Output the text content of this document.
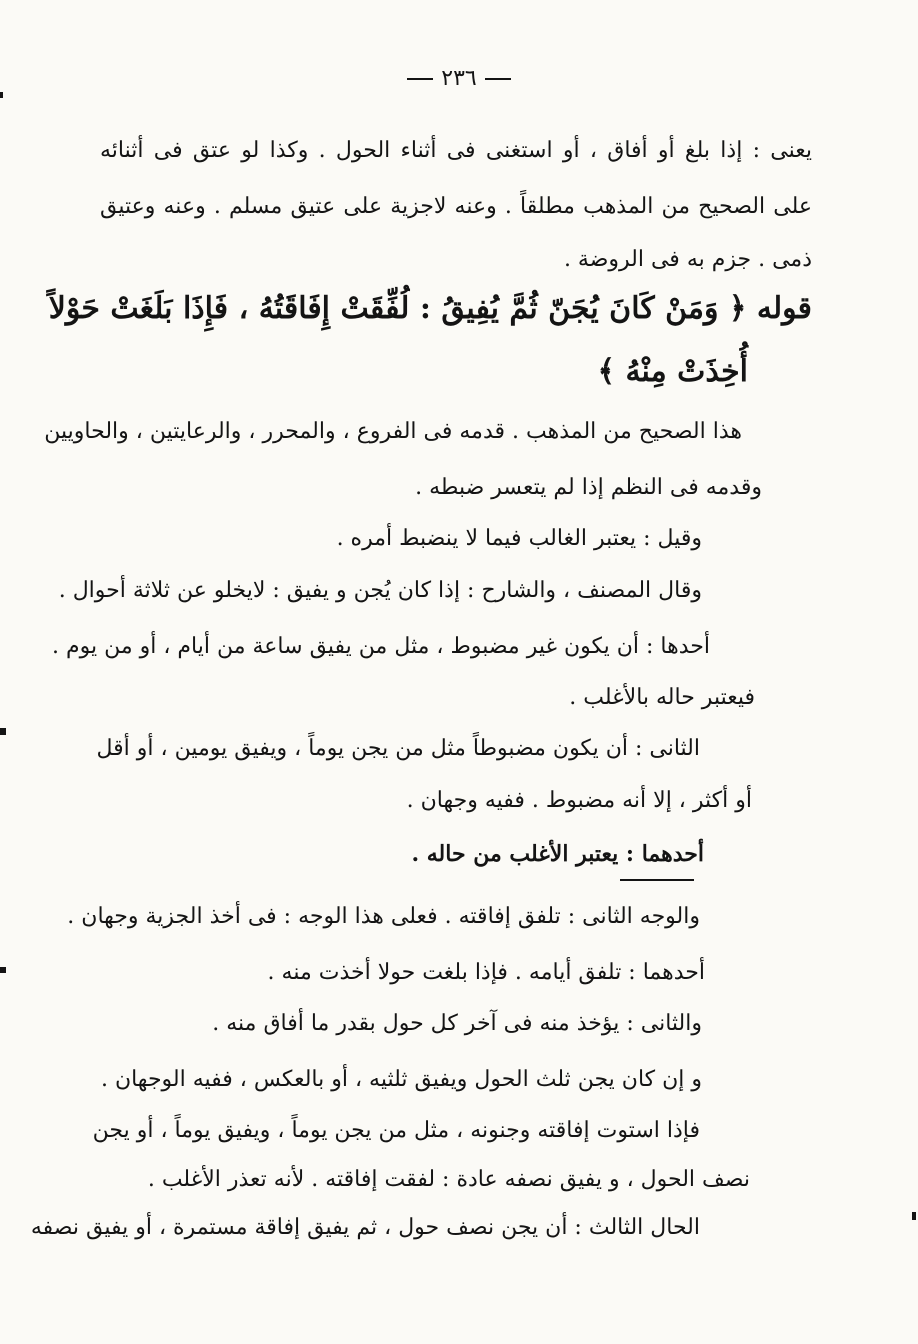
٢٣٦
يعنى : إذا بلغ أو أفاق ، أو استغنى فى أثناء الحول . وكذا لو عتق فى أثنائه
على الصحيح من المذهب مطلقاً . وعنه لاجزية على عتيق مسلم . وعنه وعتيق
ذمى . جزم به فى الروضة .
قوله ﴿ وَمَنْ كَانَ يُجَنّ ثُمَّ يُفِيقُ : لُفِّقَتْ إِفَاقَتُهُ ، فَإِذَا بَلَغَتْ حَوْلاً
أُخِذَتْ مِنْهُ ﴾
هذا الصحيح من المذهب . قدمه فى الفروع ، والمحرر ، والرعايتين ، والحاويين
وقدمه فى النظم إذا لم يتعسر ضبطه .
وقيل : يعتبر الغالب فيما لا ينضبط أمره .
وقال المصنف ، والشارح : إذا كان يُجن و يفيق : لايخلو عن ثلاثة أحوال .
أحدها : أن يكون غير مضبوط ، مثل من يفيق ساعة من أيام ، أو من يوم .
فيعتبر حاله بالأغلب .
الثانى : أن يكون مضبوطاً مثل من يجن يوماً ، ويفيق يومين ، أو أقل
أو أكثر ، إلا أنه مضبوط . ففيه وجهان .
أحدهما : يعتبر الأغلب من حاله .
والوجه الثانى : تلفق إفاقته . فعلى هذا الوجه : فى أخذ الجزية وجهان .
أحدهما : تلفق أيامه . فإذا بلغت حولا أخذت منه .
والثانى : يؤخذ منه فى آخر كل حول بقدر ما أفاق منه .
و إن كان يجن ثلث الحول ويفيق ثلثيه ، أو بالعكس ، ففيه الوجهان .
فإذا استوت إفاقته وجنونه ، مثل من يجن يوماً ، ويفيق يوماً ، أو يجن
نصف الحول ، و يفيق نصفه عادة : لفقت إفاقته . لأنه تعذر الأغلب .
الحال الثالث : أن يجن نصف حول ، ثم يفيق إفاقة مستمرة ، أو يفيق نصفه
